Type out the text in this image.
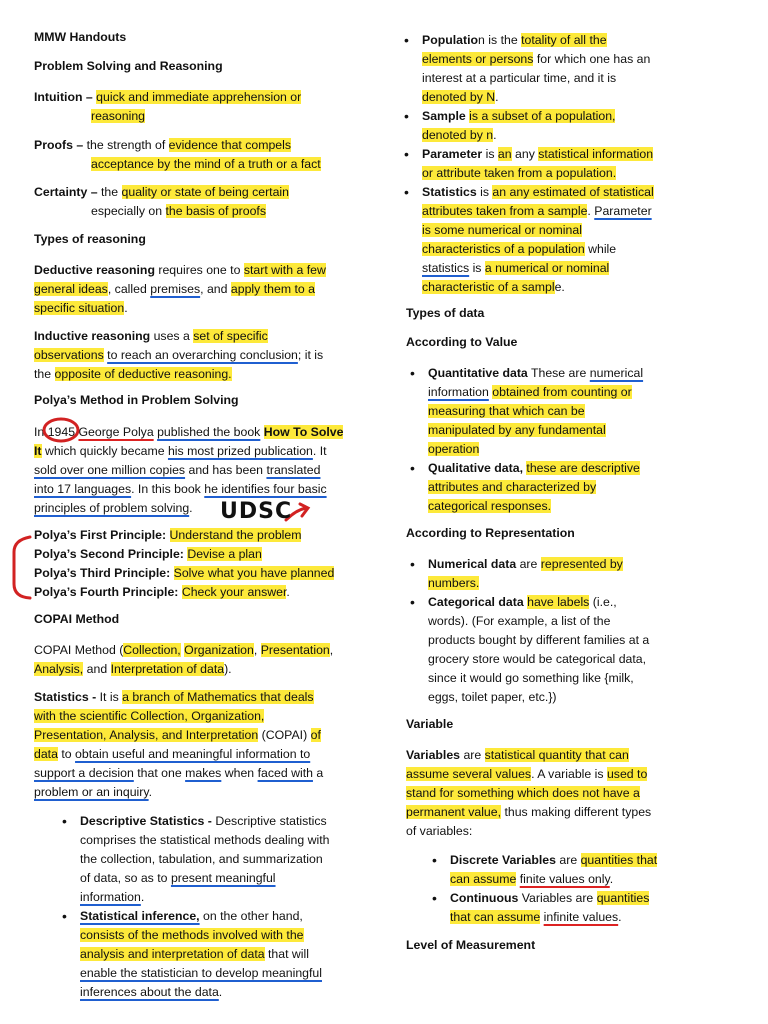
MMW Handouts
Problem Solving and Reasoning

Intuition – quick and immediate apprehension or

reasoning

Proofs – the strength of evidence that compels

acceptance by the mind of a truth or a fact

Certainty – the quality or state of being certain

especially on the basis of proofs

Types of reasoning

Deductive reasoning requires one to start with a few

general ideas, called premises, and apply them to a

specific situation.

Inductive reasoning uses a set of specific

observations to reach an overarching conclusion; it is

the opposite of deductive reasoning.

Polya’s Method in Problem Solving

In 1945 George Polya published the book How To Solve

It which quickly became his most prized publication. It

sold over one million copies and has been translated

into 17 languages. In this book he identifies four basic

principles of problem solving.

Polya’s First Principle: Understand the problem

Polya’s Second Principle: Devise a plan

Polya’s Third Principle: Solve what you have planned

Polya’s Fourth Principle: Check your answer.

COPAI Method

COPAI Method (Collection, Organization, Presentation,

Analysis, and Interpretation of data).

Statistics - It is a branch of Mathematics that deals

with the scientific Collection, Organization,

Presentation, Analysis, and Interpretation (COPAI) of

data to obtain useful and meaningful information to

support a decision that one makes when faced with a

problem or an inquiry.

• Descriptive Statistics - Descriptive statistics
comprises the statistical methods dealing with
the collection, tabulation, and summarization
of data, so as to present meaningful
information.
• Statistical inference, on the other hand,
consists of the methods involved with the
analysis and interpretation of data that will
enable the statistician to develop meaningful
inferences about the data.
UDSC
• Population is the totality of all the
elements or persons for which one has an
interest at a particular time, and it is
denoted by N.
• Sample is a subset of a population,
denoted by n.
• Parameter is an any statistical information
or attribute taken from a population.
• Statistics is an any estimated of statistical
attributes taken from a sample. Parameter
is some numerical or nominal
characteristics of a population while
statistics is a numerical or nominal
characteristic of a sample.
Types of data
According to Value
• Quantitative data These are numerical
information obtained from counting or
measuring that which can be
manipulated by any fundamental
operation
• Qualitative data, these are descriptive
attributes and characterized by
categorical responses.
According to Representation
• Numerical data are represented by
numbers.
• Categorical data have labels (i.e.,
words). (For example, a list of the
products bought by different families at a
grocery store would be categorical data,
since it would go something like {milk,
eggs, toilet paper, etc.})
Variable

Variables are statistical quantity that can

assume several values. A variable is used to

stand for something which does not have a

permanent value, thus making different types

of variables:

• Discrete Variables are quantities that
can assume finite values only.
• Continuous Variables are quantities
that can assume infinite values.
Level of Measurement
